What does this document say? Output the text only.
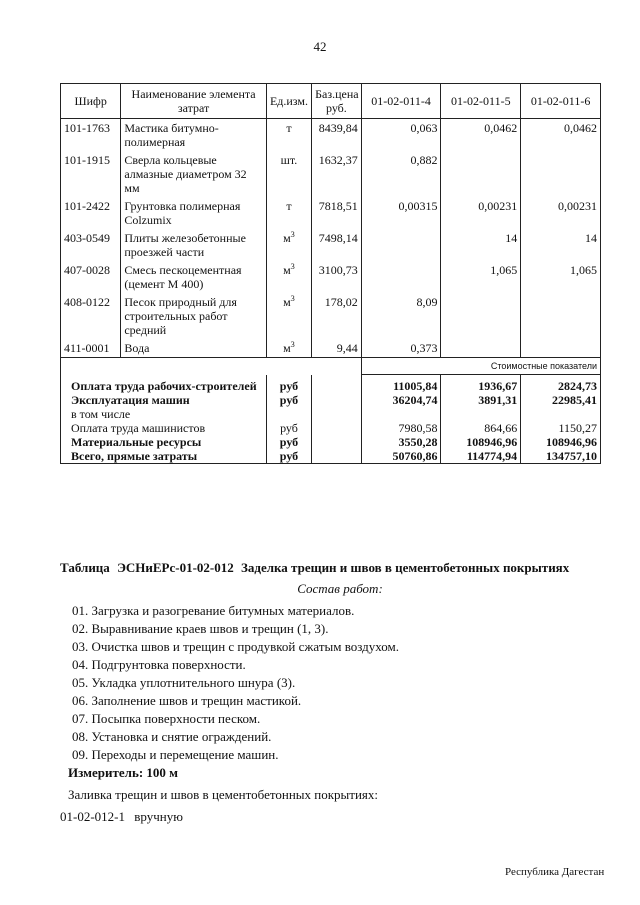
42
Шифр	Наименование элемента затрат	Ед.изм.	Баз.цена руб.	01-02-011-4	01-02-011-5	01-02-011-6
101-1763	Мастика битумно-полимерная	т	8439,84	0,063	0,0462	0,0462
101-1915	Сверла кольцевые алмазные диаметром 32 мм	шт.	1632,37	0,882		
101-2422	Грунтовка полимерная Colzumix	т	7818,51	0,00315	0,00231	0,00231
403-0549	Плиты железобетонные проезжей части	$м^3$	7498,14		14	14
407-0028	Смесь пескоцементная (цемент М 400)	$м^3$	3100,73		1,065	1,065
408-0122	Песок природный для строительных работ средний	$м^3$	178,02	8,09		
411-0001	Вода	$м^3$	9,44	0,373		
				Стоимостные показатели		
Оплата труда рабочих-строителей		руб		11005,84	1936,67	2824,73
Эксплуатация машин		руб		36204,74	3891,31	22985,41
в том числе						
Оплата труда машинистов		руб		7980,58	864,66	1150,27
Материальные ресурсы		руб		3550,28	108946,96	108946,96
Всего, прямые затраты		руб		50760,86	114774,94	134757,10
Таблица ЭСНиЕРс-01-02-012 Заделка трещин и швов в цементобетонных покрытиях
Состав работ:
01. Загрузка и разогревание битумных материалов.
02. Выравнивание краев швов и трещин (1, 3).
03. Очистка швов и трещин с продувкой сжатым воздухом.
04. Подгрунтовка поверхности.
05. Укладка уплотнительного шнура (3).
06. Заполнение швов и трещин мастикой.
07. Посыпка поверхности песком.
08. Установка и снятие ограждений.
09. Переходы и перемещение машин.
Измеритель: 100 м
Заливка трещин и швов в цементобетонных покрытиях:
01-02-012-1 вручную
Республика Дагестан
